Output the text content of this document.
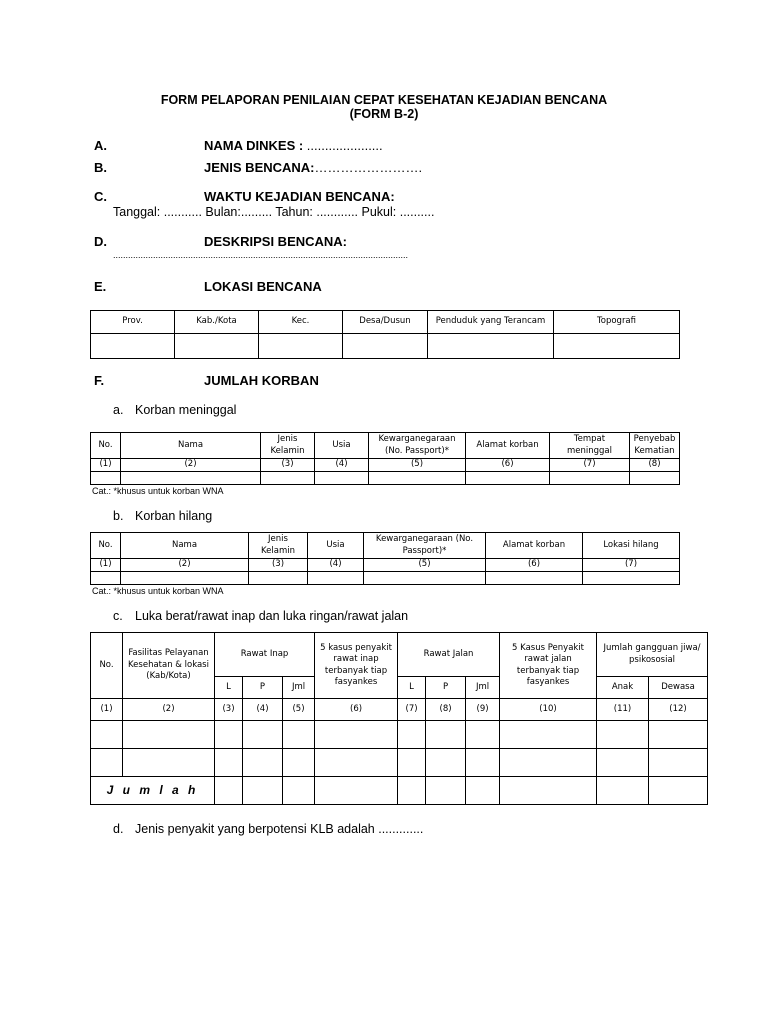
FORM PELAPORAN PENILAIAN CEPAT KESEHATAN KEJADIAN BENCANA
(FORM B-2)
A.	NAMA DINKES : .....................
B.	JENIS BENCANA:…………………….
C.	WAKTU KEJADIAN BENCANA:
Tanggal: ........... Bulan:......... Tahun: ............ Pukul: ..........
D.	DESKRIPSI BENCANA:
......................................................................................................................
E.	LOKASI BENCANA
Prov.	Kab./Kota	Kec.	Desa/Dusun	Penduduk yang Terancam	Topografi

F.	JUMLAH KORBAN
a. Korban meninggal
No.	Nama	Jenis Kelamin	Usia	Kewarganegaraan (No. Passport)*	Alamat korban	Tempat meninggal	Penyebab Kematian
(1)	(2)	(3)	(4)	(5)	(6)	(7)	(8)

Cat.: *khusus untuk korban WNA
b. Korban hilang
No.	Nama	Jenis Kelamin	Usia	Kewarganegaraan (No. Passport)*	Alamat korban	Lokasi hilang
(1)	(2)	(3)	(4)	(5)	(6)	(7)

Cat.: *khusus untuk korban WNA
c. Luka berat/rawat inap dan luka ringan/rawat jalan
No.	Fasilitas Pelayanan Kesehatan & lokasi (Kab/Kota)	Rawat Inap			5 kasus penyakit rawat inap terbanyak tiap fasyankes	Rawat Jalan			5 Kasus Penyakit rawat jalan terbanyak tiap fasyankes	Jumlah gangguan jiwa/ psikososial	
		L	P	Jml		L	P	Jml		Anak	Dewasa
(1)	(2)	(3)	(4)	(5)	(6)	(7)	(8)	(9)	(10)	(11)	(12)

J u m l a h											
d. Jenis penyakit yang berpotensi KLB adalah .............
